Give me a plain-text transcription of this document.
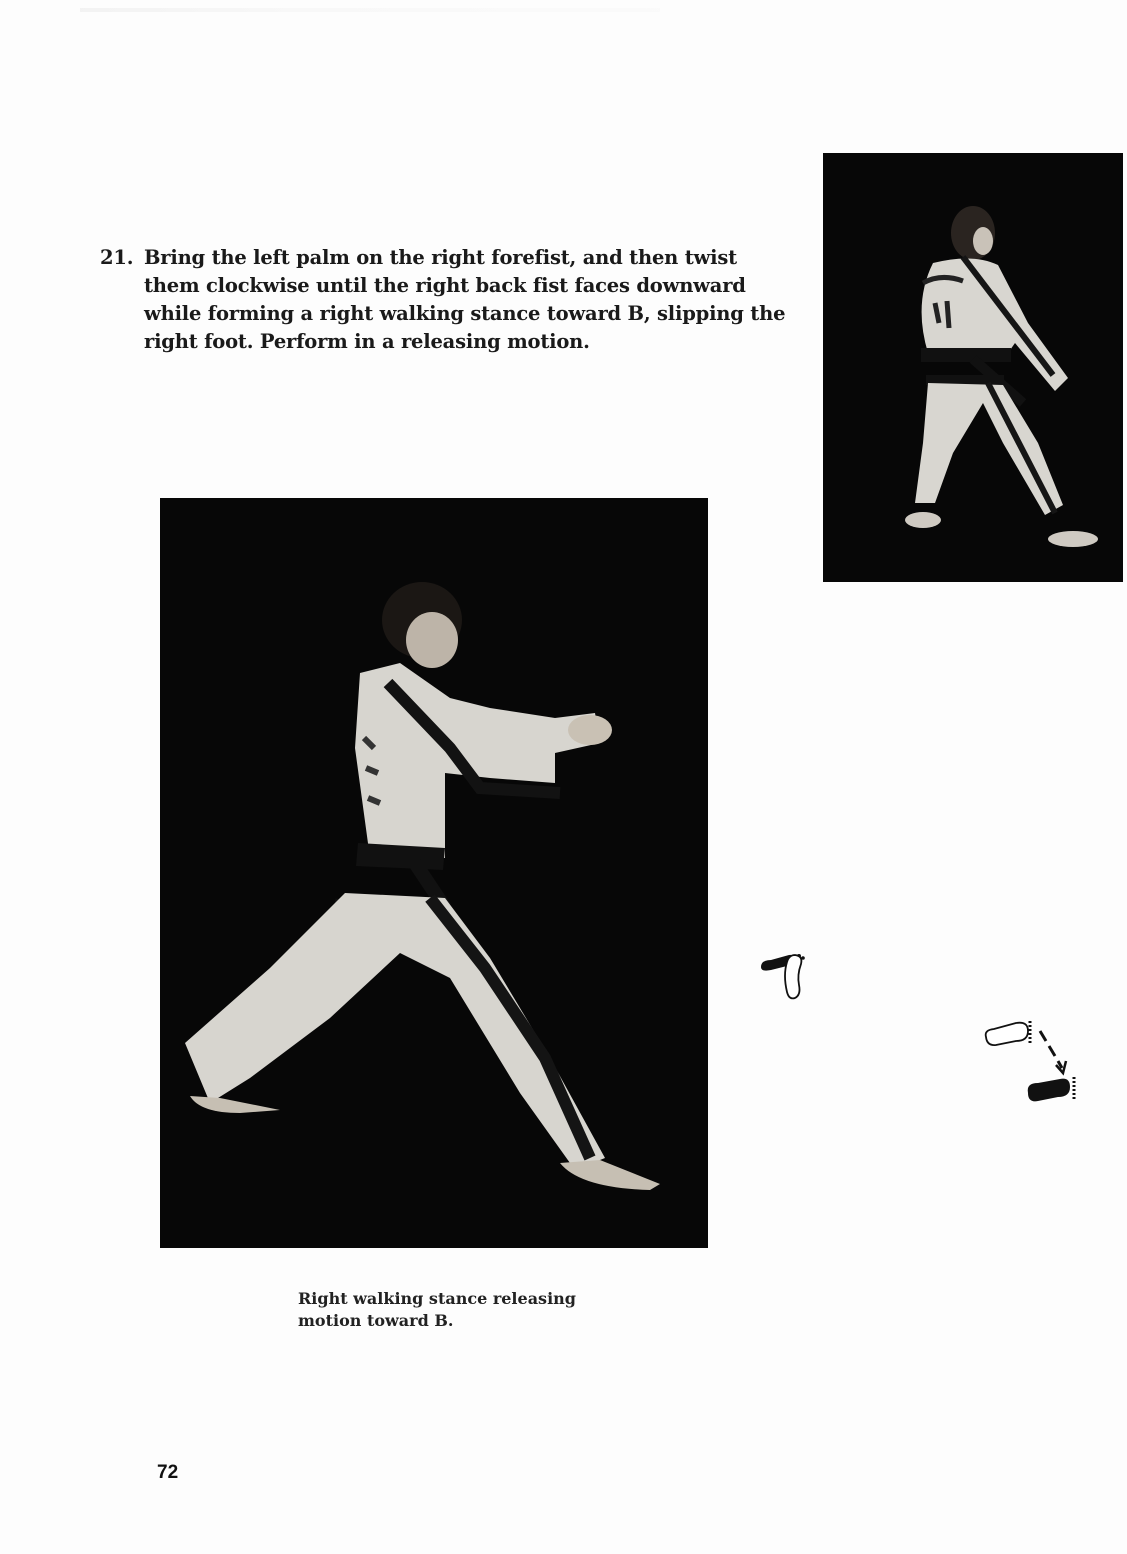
21. Bring the left palm on the right forefist, and then twist them clockwise until the right back fist faces downward while forming a right walking stance toward B, slipping the right foot. Perform in a releasing motion.
Right walking stance releasing motion toward B.
72
